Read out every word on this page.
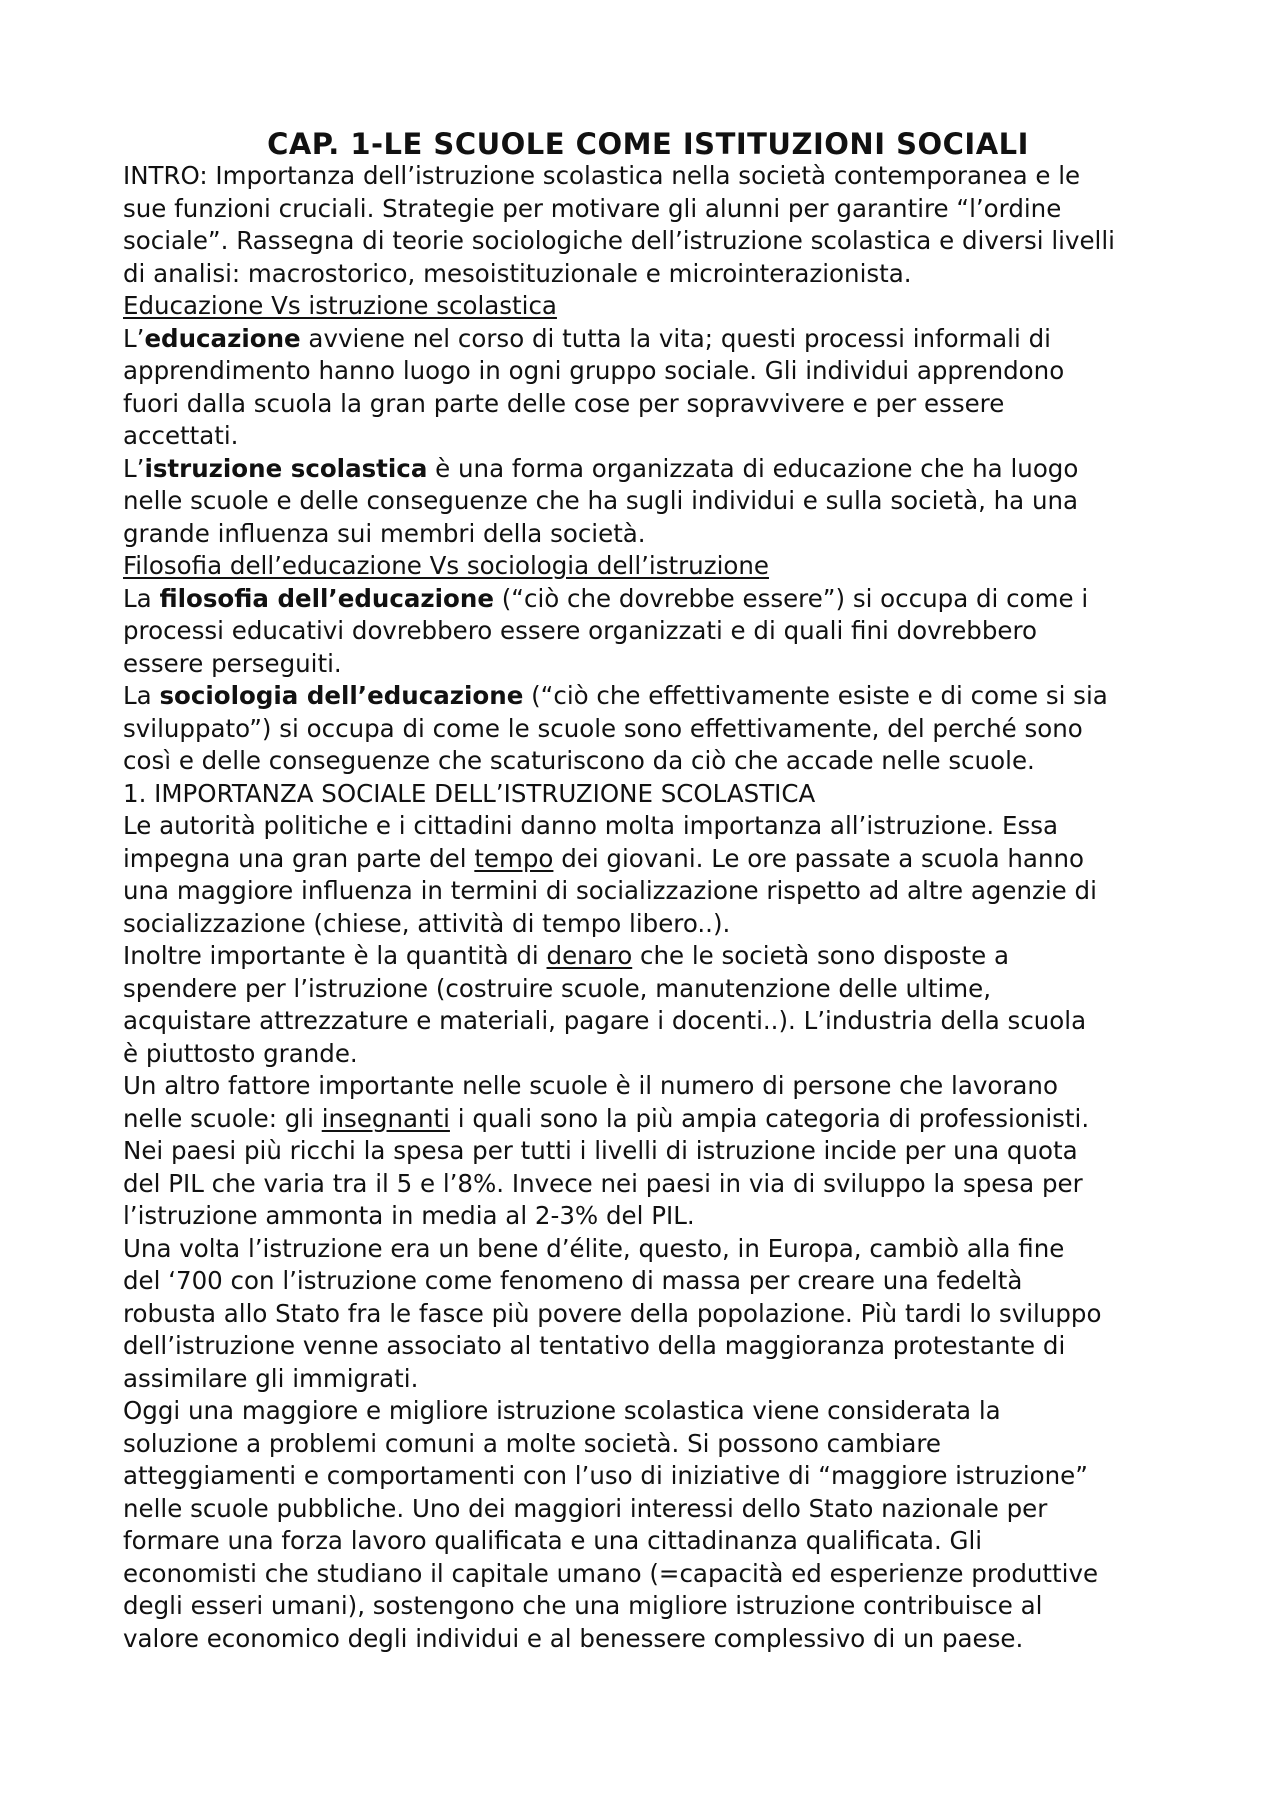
CAP. 1-LE SCUOLE COME ISTITUZIONI SOCIALI

INTRO: Importanza dell’istruzione scolastica nella società contemporanea e le

sue funzioni cruciali. Strategie per motivare gli alunni per garantire “l’ordine

sociale”. Rassegna di teorie sociologiche dell’istruzione scolastica e diversi livelli

di analisi: macrostorico, mesoistituzionale e microinterazionista.

Educazione Vs istruzione scolastica

L’educazione avviene nel corso di tutta la vita; questi processi informali di

apprendimento hanno luogo in ogni gruppo sociale. Gli individui apprendono

fuori dalla scuola la gran parte delle cose per sopravvivere e per essere

accettati.

L’istruzione scolastica è una forma organizzata di educazione che ha luogo

nelle scuole e delle conseguenze che ha sugli individui e sulla società, ha una

grande influenza sui membri della società.

Filosofia dell’educazione Vs sociologia dell’istruzione

La filosofia dell’educazione (“ciò che dovrebbe essere”) si occupa di come i

processi educativi dovrebbero essere organizzati e di quali fini dovrebbero

essere perseguiti.

La sociologia dell’educazione (“ciò che effettivamente esiste e di come si sia

sviluppato”) si occupa di come le scuole sono effettivamente, del perché sono

così e delle conseguenze che scaturiscono da ciò che accade nelle scuole.

1. IMPORTANZA SOCIALE DELL’ISTRUZIONE SCOLASTICA

Le autorità politiche e i cittadini danno molta importanza all’istruzione. Essa

impegna una gran parte del tempo dei giovani. Le ore passate a scuola hanno

una maggiore influenza in termini di socializzazione rispetto ad altre agenzie di

socializzazione (chiese, attività di tempo libero..).

Inoltre importante è la quantità di denaro che le società sono disposte a

spendere per l’istruzione (costruire scuole, manutenzione delle ultime,

acquistare attrezzature e materiali, pagare i docenti..). L’industria della scuola

è piuttosto grande.

Un altro fattore importante nelle scuole è il numero di persone che lavorano

nelle scuole: gli insegnanti i quali sono la più ampia categoria di professionisti.

Nei paesi più ricchi la spesa per tutti i livelli di istruzione incide per una quota

del PIL che varia tra il 5 e l’8%. Invece nei paesi in via di sviluppo la spesa per

l’istruzione ammonta in media al 2-3% del PIL.

Una volta l’istruzione era un bene d’élite, questo, in Europa, cambiò alla fine

del ‘700 con l’istruzione come fenomeno di massa per creare una fedeltà

robusta allo Stato fra le fasce più povere della popolazione. Più tardi lo sviluppo

dell’istruzione venne associato al tentativo della maggioranza protestante di

assimilare gli immigrati.

Oggi una maggiore e migliore istruzione scolastica viene considerata la

soluzione a problemi comuni a molte società. Si possono cambiare

atteggiamenti e comportamenti con l’uso di iniziative di “maggiore istruzione”

nelle scuole pubbliche. Uno dei maggiori interessi dello Stato nazionale per

formare una forza lavoro qualificata e una cittadinanza qualificata. Gli

economisti che studiano il capitale umano (=capacità ed esperienze produttive

degli esseri umani), sostengono che una migliore istruzione contribuisce al

valore economico degli individui e al benessere complessivo di un paese.
